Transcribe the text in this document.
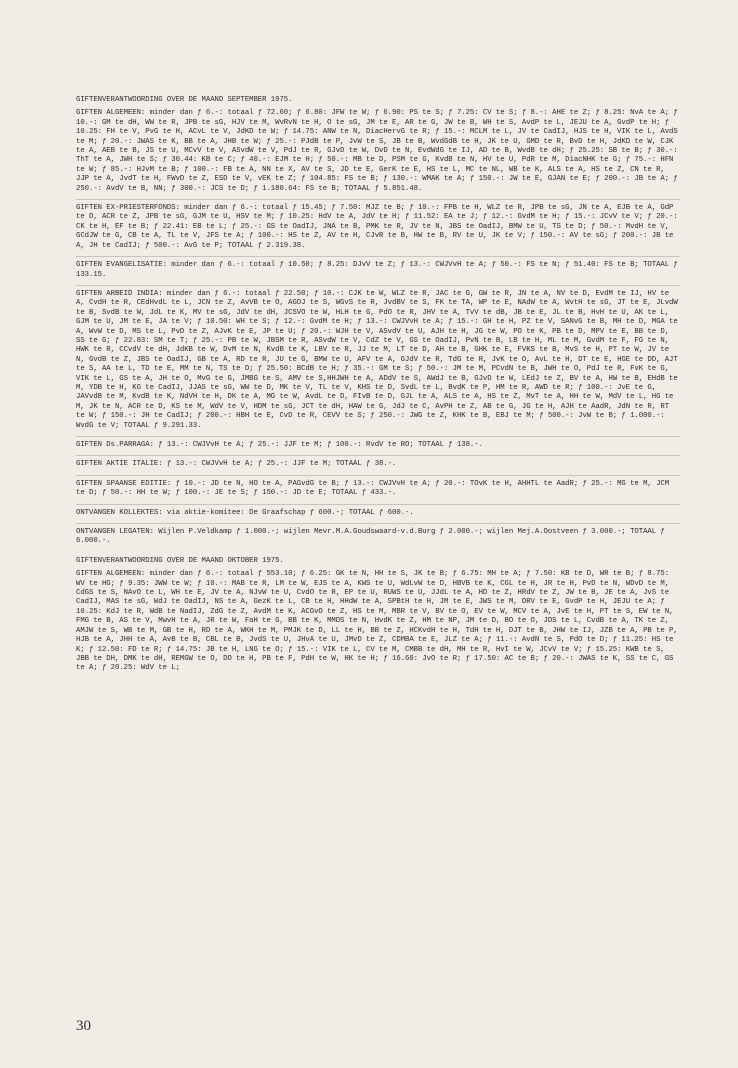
GIFTENVERANTWOORDING OVER DE MAAND SEPTEMBER 1975.

GIFTEN ALGEMEEN: minder dan ƒ 6.-: totaal ƒ 72.60; ƒ 6.80: JFW te W; ƒ 6.90: PS te S; ƒ 7.25: CV te S; ƒ 8.-: AHE te Z; ƒ 8.25: NvA te A; ƒ 10.-: GM te dH, WW te R, JPB te sG, HJV te M, WvRvN te H, O te sG, JM te E, AR te G, JW te B, WH te S, AvdP te L, JEJU te A, GvdP te H; ƒ 10.25: FH te V, PvG te H, ACvL te V, JdKD te W; ƒ 14.75: ANW te N, DiacHervG te R; ƒ 15.-: MCLM te L, JV te CadIJ, HJS te H, VIK te L, AvdS te M; ƒ 20.-: JWAS te K, BB te A, JHB te W; ƒ 25.-: PJdB te P, JvW te S, JB te B, WvdGdB te H, JK te U, GMD te R, BvD te H, JdKD te W, CJK te A, AEB te B, JS te U, MCvV te V, ASvdW te V, PdJ te R, GJvD te W, DvD te N, EvdWdG te IJ, AD te B, WvdB te dH; ƒ 25.25: SB te B; ƒ 30.-: ThT te A, JWH te S; ƒ 30.44: KB te C; ƒ 40.-: EJM te H; ƒ 50.-: MB te D, PSM te G, KvdB te N, HV te U, PdR te M, DiacNHK te G; ƒ 75.-: HFN te W; ƒ 85.-: HJvM te B; ƒ 100.-: FB te A, NN te X, AV te S, JD te E, GerK te E, HS te L, MC te NL, WB te K, ALS te A, HS te Z, CN te R, JJP te A, JvdT te H, FWvD te Z, ESD te V, vEK te Z; ƒ 104.85: FS te B; ƒ 130.-: WMAK te A; ƒ 150.-: JW te E, GJAN te E; ƒ 200.-: JB te A; ƒ 250.-: AvdV te B, NN; ƒ 300.-: JCS te D; ƒ 1.180.64: FS te B; TOTAAL ƒ 5.851.48.

GIFTEN EX-PRIESTERFONDS: minder dan ƒ 6.-: totaal ƒ 15.45; ƒ 7.50: MJZ te B; ƒ 10.-: FPB te H, WLZ te R, JPB te sG, JN te A, EJB te A, GdP te D, ACR te Z, JPB te sG, GJM te U, HSV te M; ƒ 10.25: HdV te A, JdV te H; ƒ 11.52: EA te J; ƒ 12.-: GvdM te H; ƒ 15.-: JCvV te V; ƒ 20.-: CK te H, EF te B; ƒ 22.41: EB te L; ƒ 25.-: GS te OadIJ, JNA te B, PMK te R, JV te N, JBS te OadIJ, BMW te U, TS te D; ƒ 50.-: MvdH te V, GCdJW te G, CB te A, TL te V, JFS te A; ƒ 100.-: HS te Z, AV te H, CJvR te B, HW te B, RV te U, JK te V; ƒ 150.-: AV te sG; ƒ 200.-: JB te A, JH te CadIJ; ƒ 500.-: AvG te P; TOTAAL ƒ 2.319.38.

GIFTEN EVANGELISATIE: minder dan ƒ 6.-: totaal ƒ 10.50; ƒ 8.25: DJvV te Z; ƒ 13.-: CWJVvH te A; ƒ 50.-: FS te N; ƒ 51.40: FS te B; TOTAAL ƒ 133.15.

GIFTEN ARBEID INDIA: minder dan ƒ 6.-: totaal ƒ 22.50; ƒ 10.-: CJK te W, WLZ te R, JAC te G, GW te R, JN te A, NV te D, EvdM te IJ, HV te A, CvdH te R, CEdHvdL te L, JCN te Z, AvVB te O, AGOJ te S, WGvS te R, JvdBV te S, FK te TA, WP te E, NAdW te A, WvtH te sG, JT te E, JLvdW te B, SvdB te W, JdL te K, MV te sG, JdV te dH, JCSVO te W, HLH te G, PdO te R, JHV te A, TvV te dB, JB te E, JL te B, HvH te U, AK te L, GJM te U, JM te E, JA te V; ƒ 10.50: WH te S; ƒ 12.-: GvdM te H; ƒ 13.-: CWJVvH te A; ƒ 15.-: GH te H, PZ te V, SANvG te B, MH te D, MGA te A, WvW te D, MS te L, PvD te Z, AJvK te E, JP te U; ƒ 20.-: WJH te V, ASvdV te U, AJH te H, JG te W, PO te K, PB te D, MPV te E, BB te D, SS te G; ƒ 22.83: SM te T; ƒ 25.-: PB te W, JBSM te R, ASvdW te V, CdZ te V, GS te OadIJ, PvN te B, LB te H, ML te M, GvdM te F, FG te N, HWK te R, CCvdV te dH, JdKB te W, DvM te N, KvdB te K, LBV te R, JJ te M, LT te D, AH te B, GHK te E, FVKS te B, MvS te H, PT te W, JV te N, GvdB te Z, JBS te OadIJ, GB te A, RD te R, JU te G, BMW te U, AFV te A, GJdV te R, TdG te R, JvK te O, AvL te H, DT te E, HGE te DD, AJT te S, AA te L, TD te E, MM te N, TS te D; ƒ 25.50: BCdB te H; ƒ 35.-: GM te S; ƒ 50.-: JM te M, PCvdN te B, JWH te O, PdJ te R, FvK te G, VIK te L, GS te A, JH te O, MvG te G, JMBG te S, AMV te S,HHJWH te A, ADdV te S, AWdJ te B, GJvD te W, LEdJ te Z, BV te A, HW te B, EHdB te M, YDB te H, KG te CadIJ, JJAS te sG, WW te D, MK te V, TL te V, KHS te D, SvdL te L, BvdK te P, HM te R, AWD te R; ƒ 100.-: JvE te G, JAVvdB te M, KvdB te K, NdVH te H, DK te A, MG te W, AvdL te D, FIvB te D, GJL te A, ALS te A, HS te Z, MvT te A, HH te W, MdV te L, HG te M, JK te N, ACR te D, KS te M, WdV te V, HDM te sG, JCT te dH, HAW te G, JdJ te C, AvPH te Z, AB te G, JG te H, AJH te AadR, JdN te R, RT te W; ƒ 150.-: JH te CadIJ; ƒ 200.-: HBH te E, CvD te R, CEVV te S; ƒ 250.-: JWG te Z, KHK te B, EBJ te M; ƒ 500.-: JvW te B; ƒ 1.000.-: WvdG te V; TOTAAL ƒ 9.291.33.

GIFTEN Ds.PARRAGA: ƒ 13.-: CWJVvH te A; ƒ 25.-: JJF te M; ƒ 100.-: RvdV te RO; TOTAAL ƒ 138.-.

GIFTEN AKTIE ITALIE: ƒ 13.-: CWJVvH te A; ƒ 25.-: JJF te M; TOTAAL ƒ 38.-.

GIFTEN SPAANSE EDITIE: ƒ 10.-: JD te N, HO te A, PAGvdG te B; ƒ 13.-: CWJVvH te A; ƒ 20.-: TOvK te H, AHHTL te AadR; ƒ 25.-: MG te M, JCM te D; ƒ 50.-: HH te W; ƒ 100.-: JE te S; ƒ 150.-: JD te E; TOTAAL ƒ 433.-.

ONTVANGEN KOLLEKTES: via aktie-komitee: De Graafschap ƒ 600.-; TOTAAL ƒ 600.-.

ONTVANGEN LEGATEN: Wijlen P.Veldkamp ƒ 1.000.-; wijlen Mevr.M.A.Goudswaard-v.d.Burg ƒ 2.000.-; wijlen Mej.A.Oostveen ƒ 3.000.-; TOTAAL ƒ 6.000.-.

GIFTENVERANTWOORDING OVER DE MAAND OKTOBER 1975.

GIFTEN ALGEMEEN: minder dan ƒ 6.-: totaal ƒ 553.10; ƒ 6.25: GK te N, HH te S, JK te B; ƒ 6.75: MH te A; ƒ 7.50: KB te D, WR te B; ƒ 8.75: WV te HG; ƒ 9.35: JWW te W; ƒ 10.-: MAB te R, LM te W, EJS te A, KWS te U, WdLvW te D, HBVB te K, CGL te H, JR te H, PvD te N, WDvD te M, CdGS te S, NAvO te L, WH te E, JV te A, NJvW te U, CvdO te R, EP te U, RUWS te U, JJdL te A, HD te Z, HRdV te Z, JW te B, JE te A, JvS te CadIJ, MAS te sG, WdJ te OadIJ, NS te A, GezK te L, CB te H, HHdW te A, SPBtH te H, JM te E, JWS te M, DRV te E, GvdP te H, JEJU te A; ƒ 10.25: KdJ te R, WdB te NadIJ, ZdG te Z, AvdM te K, ACGvO te Z, HS te M, MBR te V, BV te O, EV te W, MCV te A, JvE te H, PT te S, EW te N, FMG te B, AS te V, MwvH te A, JR te W, FaH te G, BB te K, MMDS te N, HvdK te Z, HM te NP, JM te D, BO te O, JDS te L, CvdB te A, TK te Z, AMJW te S, WB te M, GB te H, RD te A, WKH te M, PMJK te D, LL te H, BB te Z, HCKvdH te H, TdH te H, DJT te B, JHW te IJ, JZB te A, PB te P, HJB te A, JHH te A, AvB te B, CBL te B, JvdS te U, JHvA te U, JMvD te Z, CDMBA te E, JLZ te A; ƒ 11.-: AvdN te S, PdO te D; ƒ 11.25: HS te K; ƒ 12.50: FD te R; ƒ 14.75: JB te H, LNG te O; ƒ 15.-: VIK te L, CV te M, CMBB te dH, MH te R, HvI te W, JCvV te V; ƒ 15.25: KWB te S, JBB te DH, DMK te dH, REMGW te O, DO te H, PB te F, PdH te W, HK te H; ƒ 16.60: JvO te R; ƒ 17.50: AC te B; ƒ 20.-: JWAS te K, SS te C, GS te A; ƒ 20.25: WdV te L;

30
